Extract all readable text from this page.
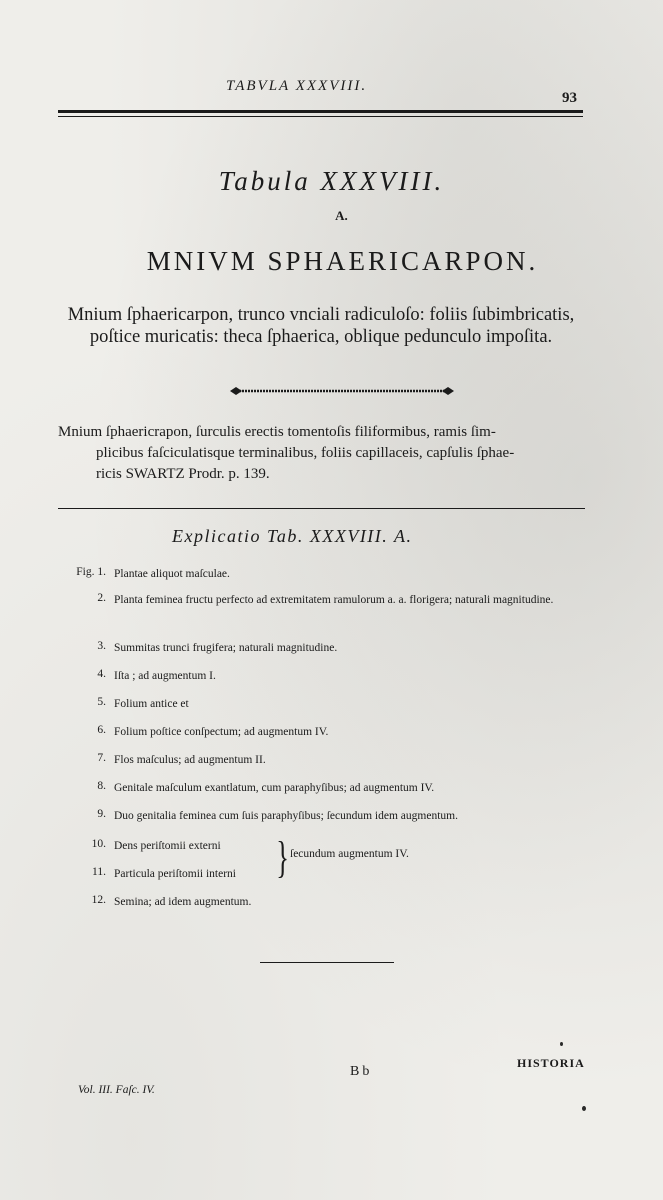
TABVLA XXXVIII.
93
Tabula XXXVIII.
A.
MNIVM SPHAERICARPON.
Mnium ſphaericarpon, trunco vnciali radiculoſo: foliis ſubimbricatis, poſtice muricatis: theca ſphaerica, oblique pedunculo impoſita.
Mnium ſphaericrapon, ſurculis erectis tomentoſis filiformibus, ramis ſim-
plicibus faſciculatisque terminalibus, foliis capillaceis, capſulis ſphae-
ricis SWARTZ Prodr. p. 139.
Explicatio Tab. XXXVIII. A.
Fig. 1. Plantae aliquot maſculae.
2. Planta feminea fructu perfecto ad extremitatem ramulorum a. a. florigera; naturali magnitudine.
3. Summitas trunci frugifera; naturali magnitudine.
4. Iſta ; ad augmentum I.
5. Folium antice et
6. Folium poſtice conſpectum; ad augmentum IV.
7. Flos maſculus; ad augmentum II.
8. Genitale maſculum exantlatum, cum paraphyſibus; ad augmentum IV.
9. Duo genitalia feminea cum ſuis paraphyſibus; ſecundum idem augmentum.
10. Dens periſtomii externi
11. Particula periſtomii interni
12. Semina; ad idem augmentum.
} ſecundum augmentum IV.
Bb
HISTORIA
Vol. III. Faſc. IV.
